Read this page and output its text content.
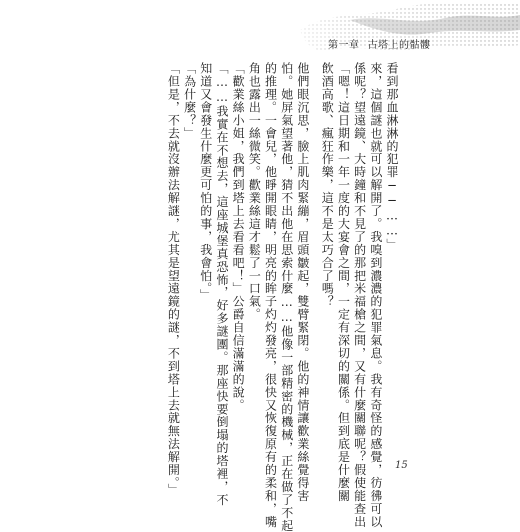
第一章 古塔上的骷髏
看到那血淋淋的犯罪──……」
來，這個謎也就可以解開了。我嗅到濃濃的犯罪氣息。我有奇怪的感覺，彷彿可以
係呢？望遠鏡、大時鐘和不見了的那把米福槍之間，又有什麼關聯呢？假使能查出
「嗯！這日期和一年一度的大宴會之間，一定有深切的關係。但到底是什麼關
飲酒高歌、瘋狂作樂，這不是太巧合了嗎？
他們眼沉思，臉上肌肉緊繃，眉頭皺起，雙臂緊閉。他的神情讓歡業絲覺得害
怕。她屏氣望著他，猜不出他在思索什麼……他像一部精密的機械，正在做了不起
的推理。一會兒，他睜開眼睛，明亮的眸子灼灼發亮，很快又恢復原有的柔和，嘴
角也露出一絲微笑。歡業絲這才鬆了一口氣。
「歡業絲小姐，我們到塔上去看看吧！」公爵自信滿滿的說。
「……我實在不想去，這座城堡真恐怖，好多謎團。那座快要倒塌的塔裡，不
知道又會發生什麼更可怕的事，我會怕。」
「為什麼？」
「但是，不去就沒辦法解謎，尤其是望遠鏡的謎，不到塔上去就無法解開。」	15
